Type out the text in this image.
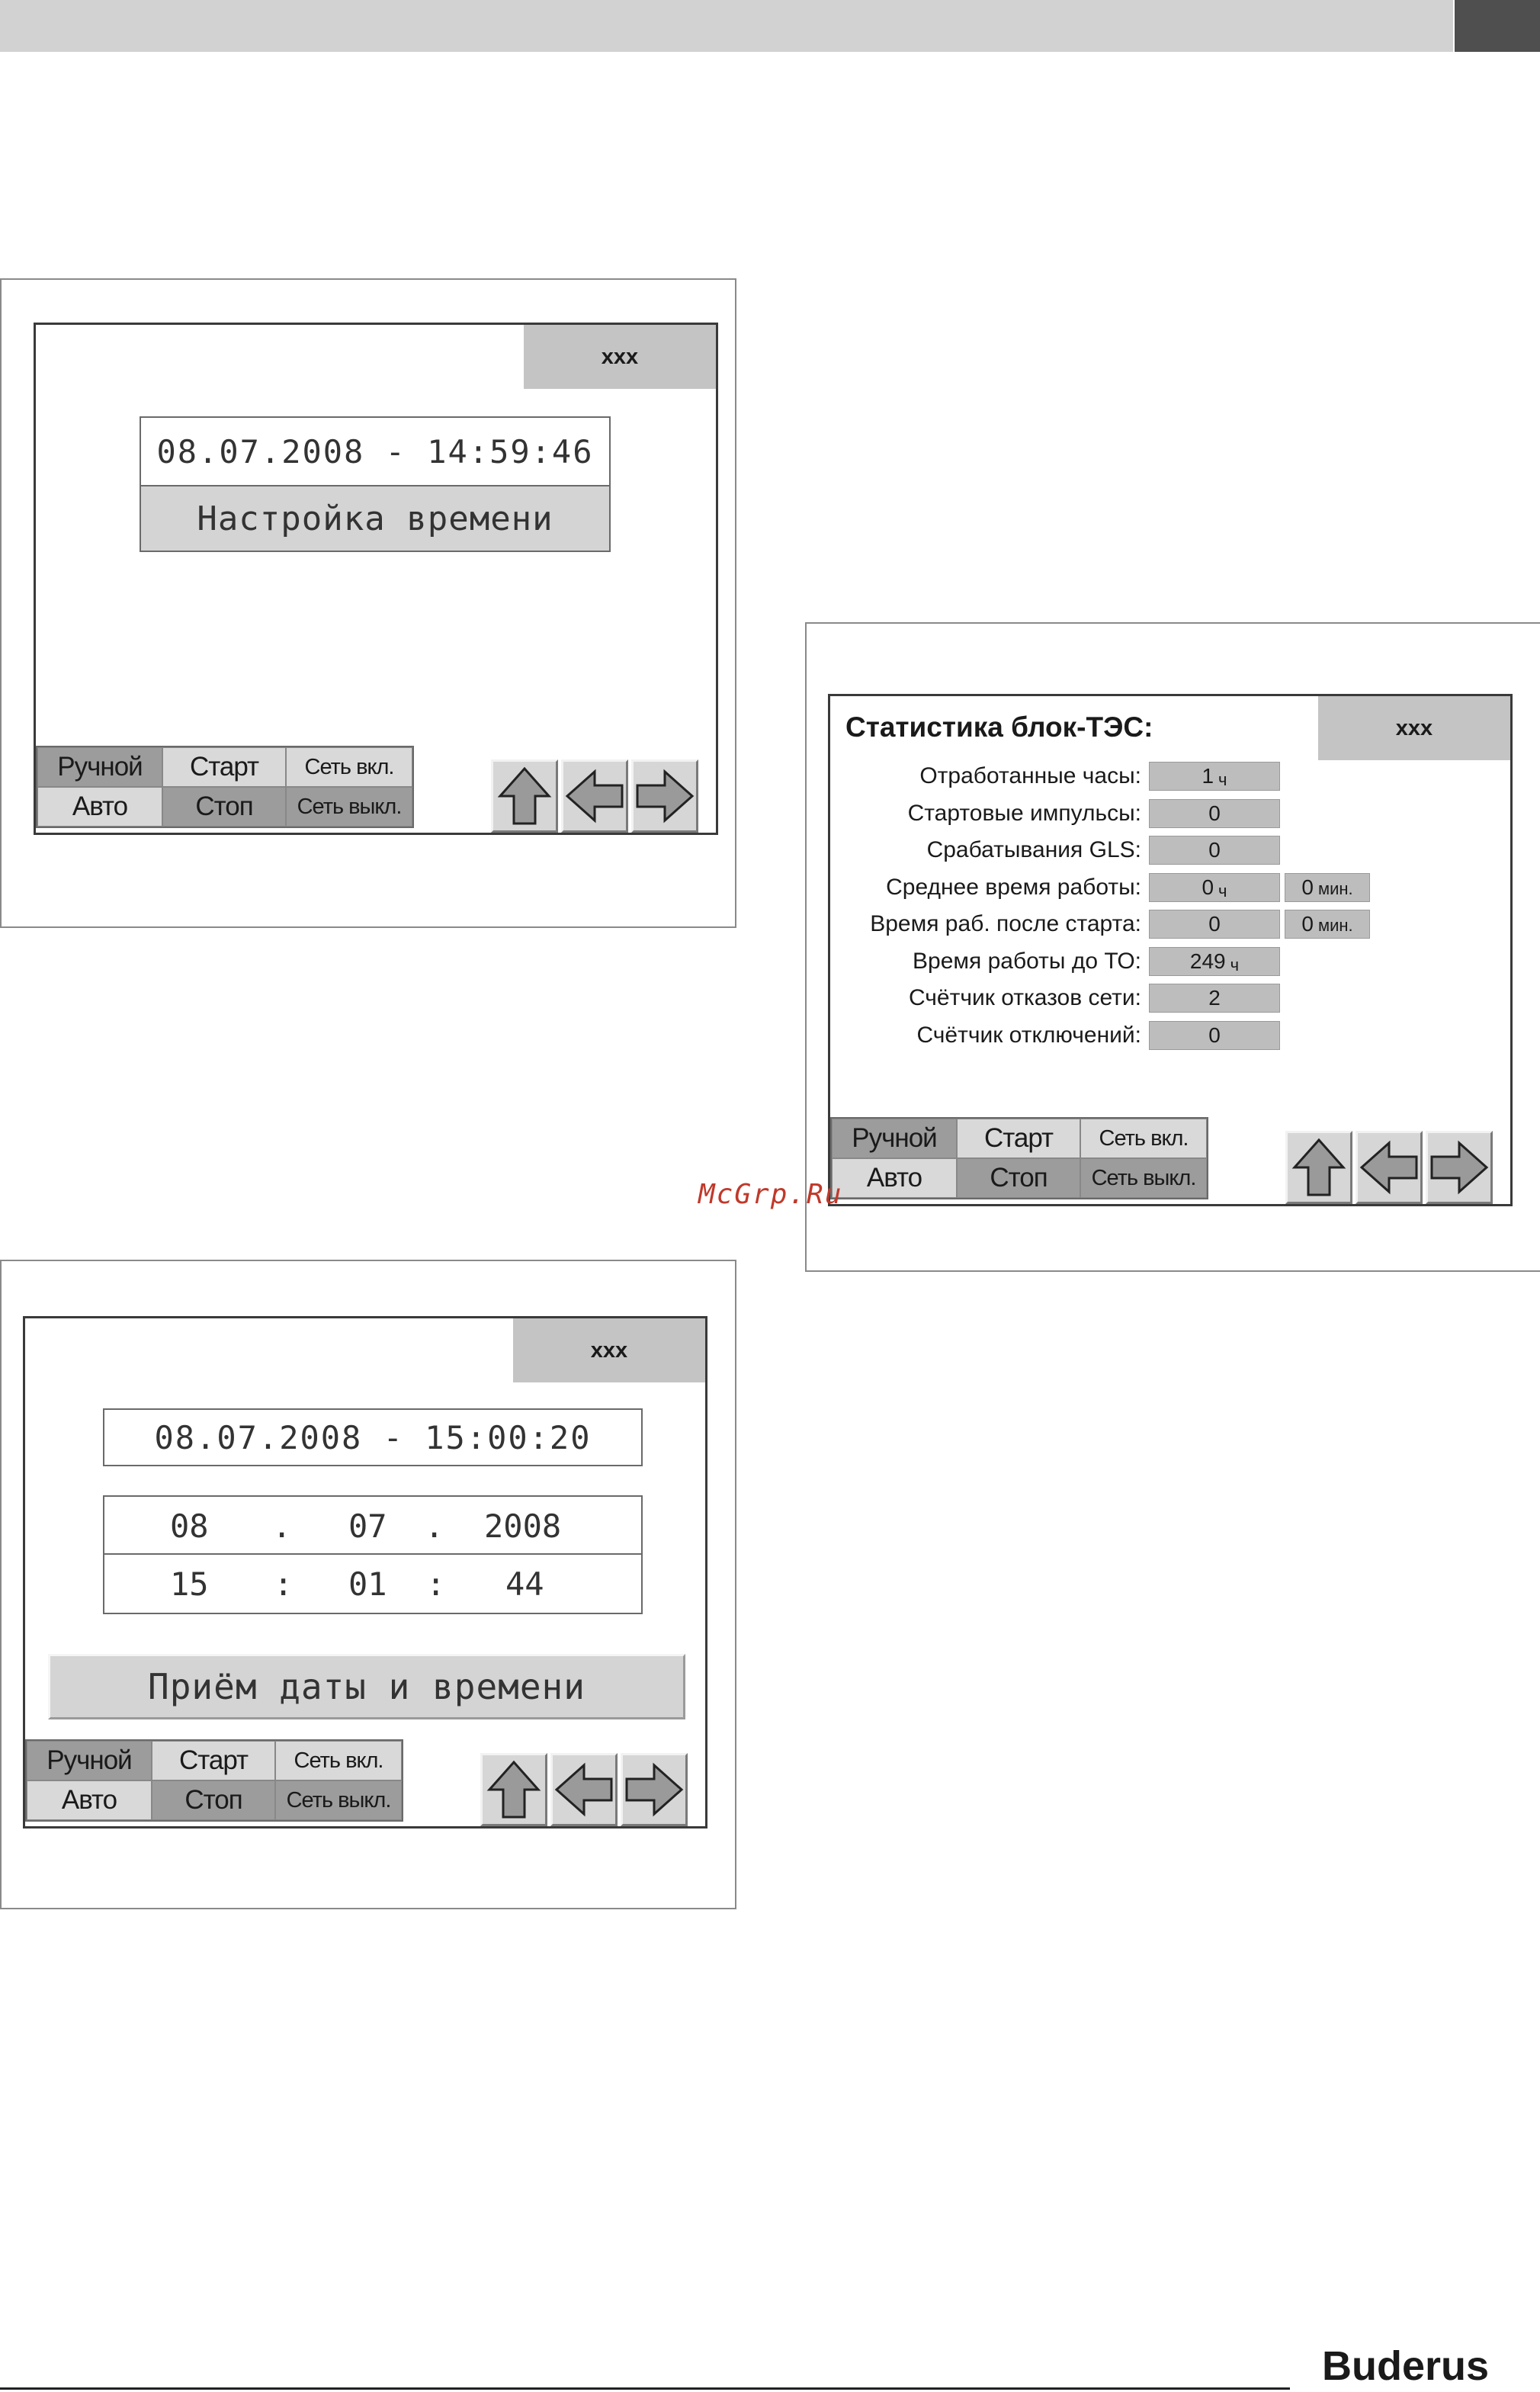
xxx
08.07.2008 - 14:59:46
Настройка времени
Ручной	Старт	Сеть вкл.
Авто	Стоп	Сеть выкл.
xxx
Статистика блок-ТЭС:
Отработанные часы:	1 ч
Стартовые импульсы:	0
Срабатывания GLS:	0
Среднее время работы:	0 ч	0 мин.
Время раб. после старта:	0	0 мин.
Время работы до ТО: 249 ч
Счётчик отказов сети:	2
Счётчик отключений:	0
Ручной	Старт	Сеть вкл.
Авто	Стоп	Сеть выкл.
McGrp.Ru
xxx
08.07.2008 - 15:00:20
08 . 07 . 2008
15 : 01 : 44
Приём даты и времени
Ручной	Старт	Сеть вкл.
Авто	Стоп	Сеть выкл.
Buderus
